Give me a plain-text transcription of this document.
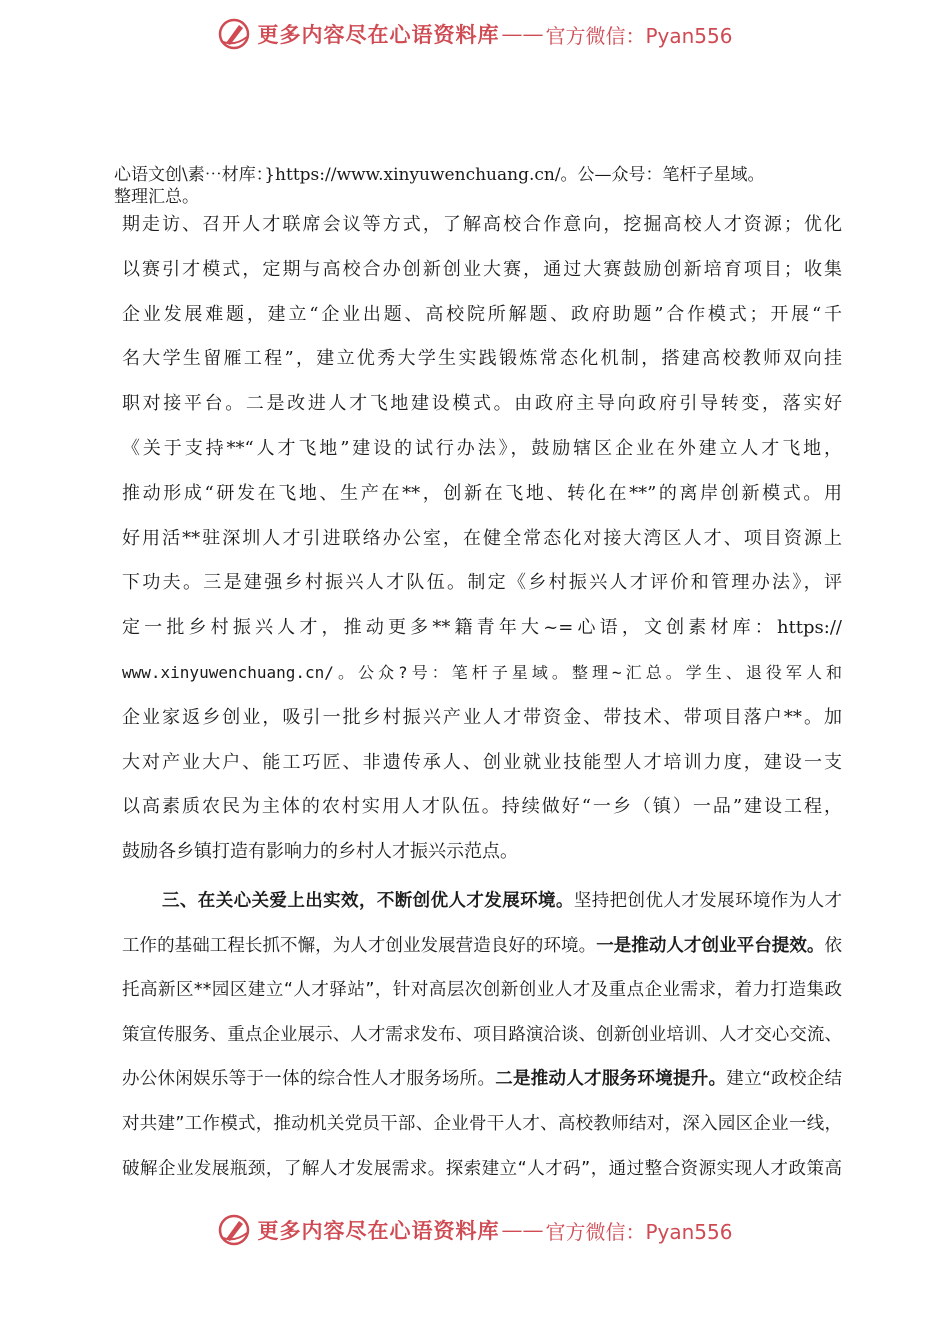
更多内容尽在心语资料库 —— 官方微信：Pyan556
心语文创\素⋯材库：}https://www.xinyuwenchuang.cn/。公—众号：笔杆子星域。
整理汇总。
期走访、召开人才联席会议等方式，了解高校合作意向，挖掘高校人才资源；优化
以赛引才模式，定期与高校合办创新创业大赛，通过大赛鼓励创新培育项目；收集
企业发展难题，建立“企业出题、高校院所解题、政府助题”合作模式；开展“千
名大学生留雁工程”，建立优秀大学生实践锻炼常态化机制，搭建高校教师双向挂
职对接平台。二是改进人才飞地建设模式。由政府主导向政府引导转变，落实好
《关于支持**“人才飞地”建设的试行办法》，鼓励辖区企业在外建立人才飞地，
推动形成“研发在飞地、生产在**，创新在飞地、转化在**”的离岸创新模式。用
好用活**驻深圳人才引进联络办公室，在健全常态化对接大湾区人才、项目资源上
下功夫。三是建强乡村振兴人才队伍。制定《乡村振兴人才评价和管理办法》，评
定一批乡村振兴人才，推动更多**籍青年大~=心语，文创素材库：https://
www.xinyuwenchuang.cn/。公众?号：笔杆子星域。整理~汇总。学生、退役军人和
企业家返乡创业，吸引一批乡村振兴产业人才带资金、带技术、带项目落户**。加
大对产业大户、能工巧匠、非遗传承人、创业就业技能型人才培训力度，建设一支
以高素质农民为主体的农村实用人才队伍。持续做好“一乡（镇）一品”建设工程，
鼓励各乡镇打造有影响力的乡村人才振兴示范点。
三、在关心关爱上出实效，不断创优人才发展环境。坚持把创优人才发展环境作为人才
工作的基础工程长抓不懈，为人才创业发展营造良好的环境。一是推动人才创业平台提效。依
托高新区**园区建立“人才驿站”，针对高层次创新创业人才及重点企业需求，着力打造集政
策宣传服务、重点企业展示、人才需求发布、项目路演洽谈、创新创业培训、人才交心交流、
办公休闲娱乐等于一体的综合性人才服务场所。二是推动人才服务环境提升。建立“政校企结
对共建”工作模式，推动机关党员干部、企业骨干人才、高校教师结对，深入园区企业一线，
破解企业发展瓶颈，了解人才发展需求。探索建立“人才码”，通过整合资源实现人才政策高
更多内容尽在心语资料库 —— 官方微信：Pyan556
